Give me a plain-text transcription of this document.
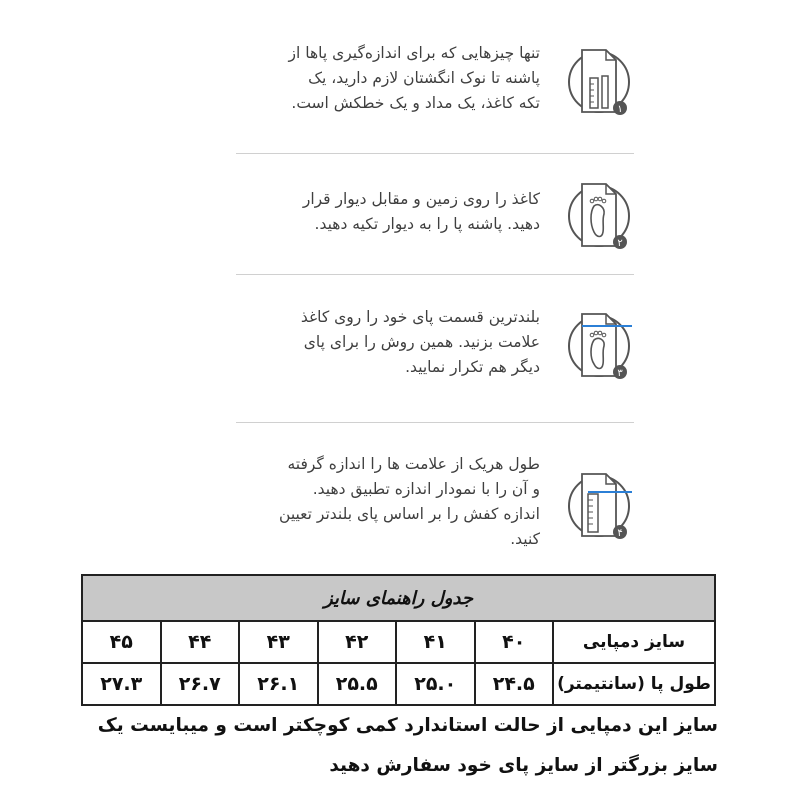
۱
تنها چیزهایی که برای اندازه‌گیری پاها از
پاشنه تا نوک انگشتان لازم دارید، یک
تکه کاغذ، یک مداد و یک خطکش است.
۲
کاغذ را روی زمین و مقابل دیوار قرار
دهید. پاشنه پا را به دیوار تکیه دهید.
۳
بلندترین قسمت پای خود را روی کاغذ
علامت بزنید. همین روش را برای پای
دیگر هم تکرار نمایید.
۴
طول هریک از علامت ها را اندازه گرفته
و آن را با نمودار اندازه تطبیق دهید.
اندازه کفش را بر اساس پای بلندتر تعیین
کنید.
جدول راهنمای سایز						
سایز دمپایی	۴۰	۴۱	۴۲	۴۳	۴۴	۴۵
طول پا (سانتیمتر)	۲۴.۵	۲۵.۰	۲۵.۵	۲۶.۱	۲۶.۷	۲۷.۳
سایز این دمپایی از حالت استاندارد کمی کوچکتر است و میبایست یک
سایز بزرگتر از سایز پای خود سفارش دهید
